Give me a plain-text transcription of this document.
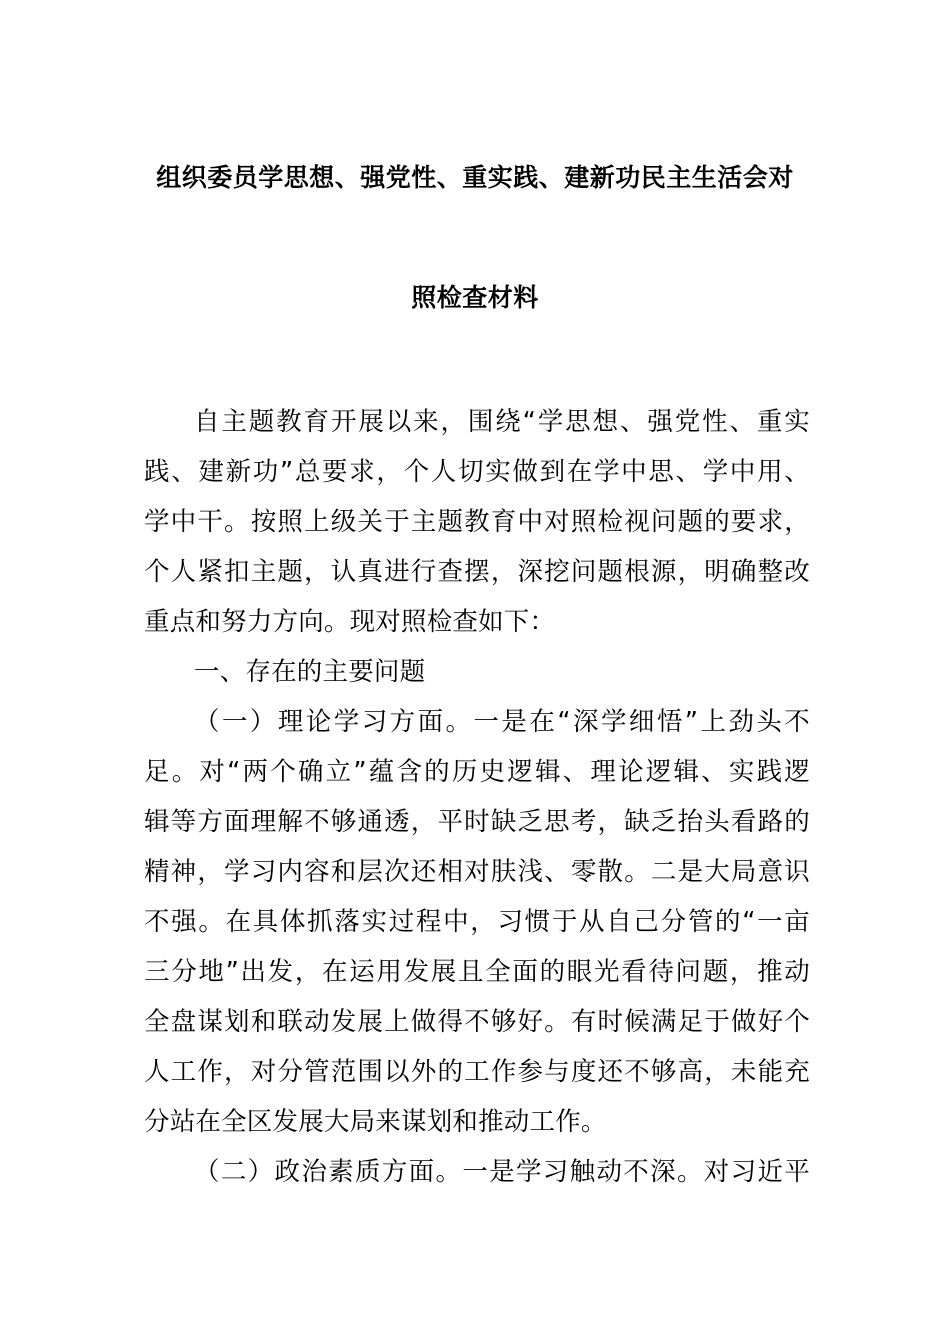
组织委员学思想、强党性、重实践、建新功民主生活会对
照检查材料
自主题教育开展以来，围绕“学思想、强党性、重实
践、建新功”总要求，个人切实做到在学中思、学中用、
学中干。按照上级关于主题教育中对照检视问题的要求，
个人紧扣主题，认真进行查摆，深挖问题根源，明确整改
重点和努力方向。现对照检查如下：
一、存在的主要问题
（一）理论学习方面。一是在“深学细悟”上劲头不
足。对“两个确立”蕴含的历史逻辑、理论逻辑、实践逻
辑等方面理解不够通透，平时缺乏思考，缺乏抬头看路的
精神，学习内容和层次还相对肤浅、零散。二是大局意识
不强。在具体抓落实过程中，习惯于从自己分管的“一亩
三分地”出发，在运用发展且全面的眼光看待问题，推动
全盘谋划和联动发展上做得不够好。有时候满足于做好个
人工作，对分管范围以外的工作参与度还不够高，未能充
分站在全区发展大局来谋划和推动工作。
（二）政治素质方面。一是学习触动不深。对习近平
